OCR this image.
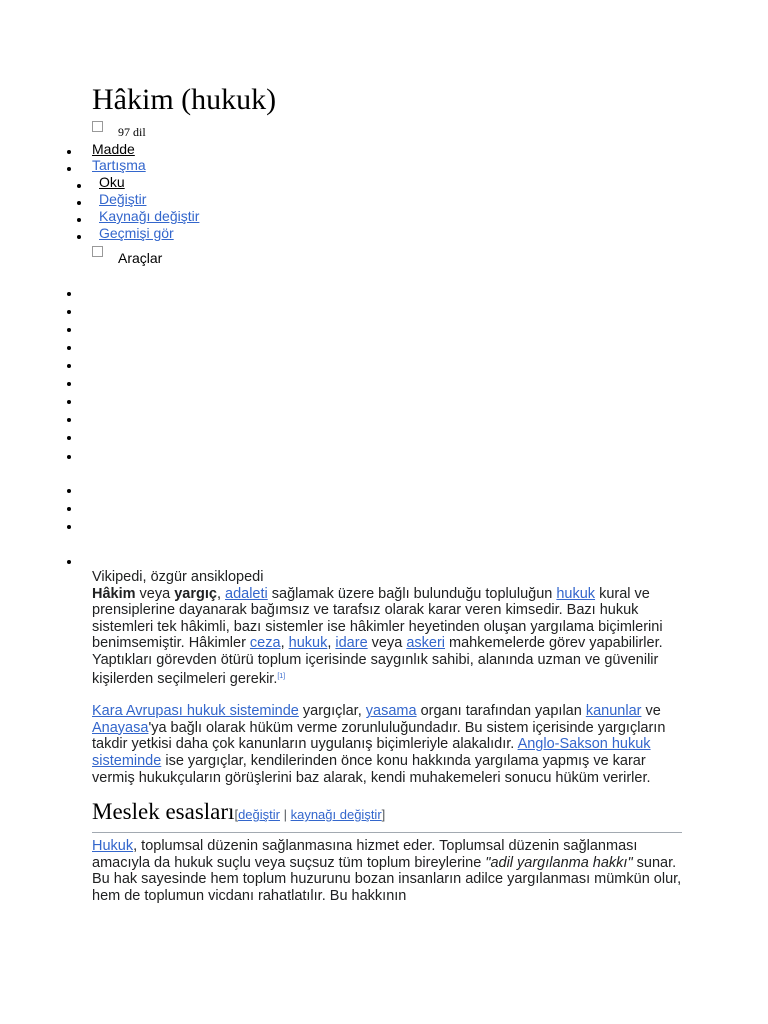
Hâkim (hukuk)
97 dil
Madde
Tartışma
Oku
Değiştir
Kaynağı değiştir
Geçmişi gör
Araçlar

Vikipedi, özgür ansiklopedi

Hâkim veya yargıç, adaleti sağlamak üzere bağlı bulunduğu topluluğun hukuk kural ve prensiplerine dayanarak bağımsız ve tarafsız olarak karar veren kimsedir. Bazı hukuk sistemleri tek hâkimli, bazı sistemler ise hâkimler heyetinden oluşan yargılama biçimlerini benimsemiştir. Hâkimler ceza, hukuk, idare veya askeri mahkemelerde görev yapabilirler. Yaptıkları görevden ötürü toplum içerisinde saygınlık sahibi, alanında uzman ve güvenilir kişilerden seçilmeleri gerekir.[1]

Kara Avrupası hukuk sisteminde yargıçlar, yasama organı tarafından yapılan kanunlar ve Anayasa'ya bağlı olarak hüküm verme zorunluluğundadır. Bu sistem içerisinde yargıçların takdir yetkisi daha çok kanunların uygulanış biçimleriyle alakalıdır. Anglo-Sakson hukuk sisteminde ise yargıçlar, kendilerinden önce konu hakkında yargılama yapmış ve karar vermiş hukukçuların görüşlerini baz alarak, kendi muhakemeleri sonucu hüküm verirler.

Meslek esasları[değiştir | kaynağı değiştir]

Hukuk, toplumsal düzenin sağlanmasına hizmet eder. Toplumsal düzenin sağlanması amacıyla da hukuk suçlu veya suçsuz tüm toplum bireylerine "adil yargılanma hakkı" sunar. Bu hak sayesinde hem toplum huzurunu bozan insanların adilce yargılanması mümkün olur, hem de toplumun vicdanı rahatlatılır. Bu hakkının
